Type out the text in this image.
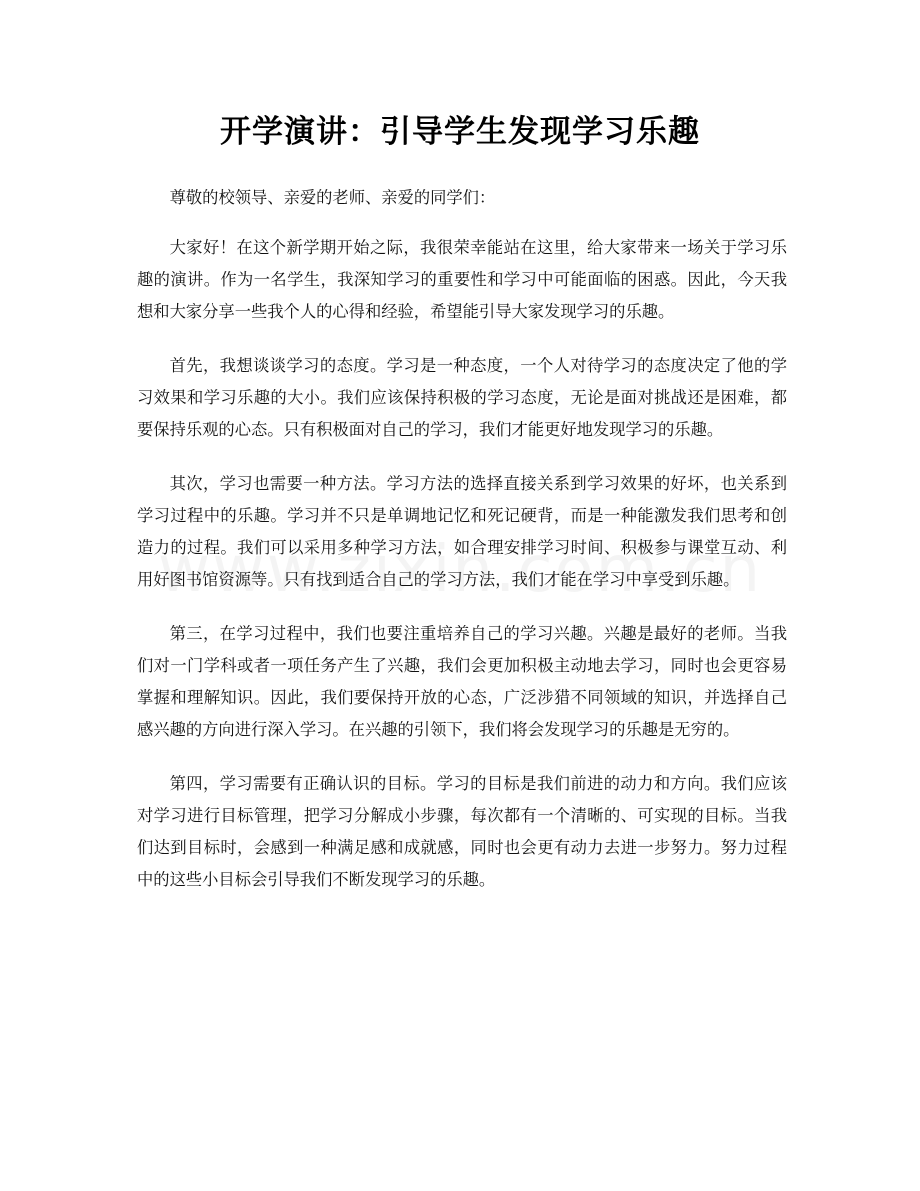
开学演讲：引导学生发现学习乐趣

尊敬的校领导、亲爱的老师、亲爱的同学们：

大家好！在这个新学期开始之际，我很荣幸能站在这里，给大家带来一场关于学习乐趣的演讲。作为一名学生，我深知学习的重要性和学习中可能面临的困惑。因此，今天我想和大家分享一些我个人的心得和经验，希望能引导大家发现学习的乐趣。

首先，我想谈谈学习的态度。学习是一种态度，一个人对待学习的态度决定了他的学习效果和学习乐趣的大小。我们应该保持积极的学习态度，无论是面对挑战还是困难，都要保持乐观的心态。只有积极面对自己的学习，我们才能更好地发现学习的乐趣。

其次，学习也需要一种方法。学习方法的选择直接关系到学习效果的好坏，也关系到学习过程中的乐趣。学习并不只是单调地记忆和死记硬背，而是一种能激发我们思考和创造力的过程。我们可以采用多种学习方法，如合理安排学习时间、积极参与课堂互动、利用好图书馆资源等。只有找到适合自己的学习方法，我们才能在学习中享受到乐趣。

第三，在学习过程中，我们也要注重培养自己的学习兴趣。兴趣是最好的老师。当我们对一门学科或者一项任务产生了兴趣，我们会更加积极主动地去学习，同时也会更容易掌握和理解知识。因此，我们要保持开放的心态，广泛涉猎不同领域的知识，并选择自己感兴趣的方向进行深入学习。在兴趣的引领下，我们将会发现学习的乐趣是无穷的。

第四，学习需要有正确认识的目标。学习的目标是我们前进的动力和方向。我们应该对学习进行目标管理，把学习分解成小步骤，每次都有一个清晰的、可实现的目标。当我们达到目标时，会感到一种满足感和成就感，同时也会更有动力去进一步努力。努力过程中的这些小目标会引导我们不断发现学习的乐趣。
